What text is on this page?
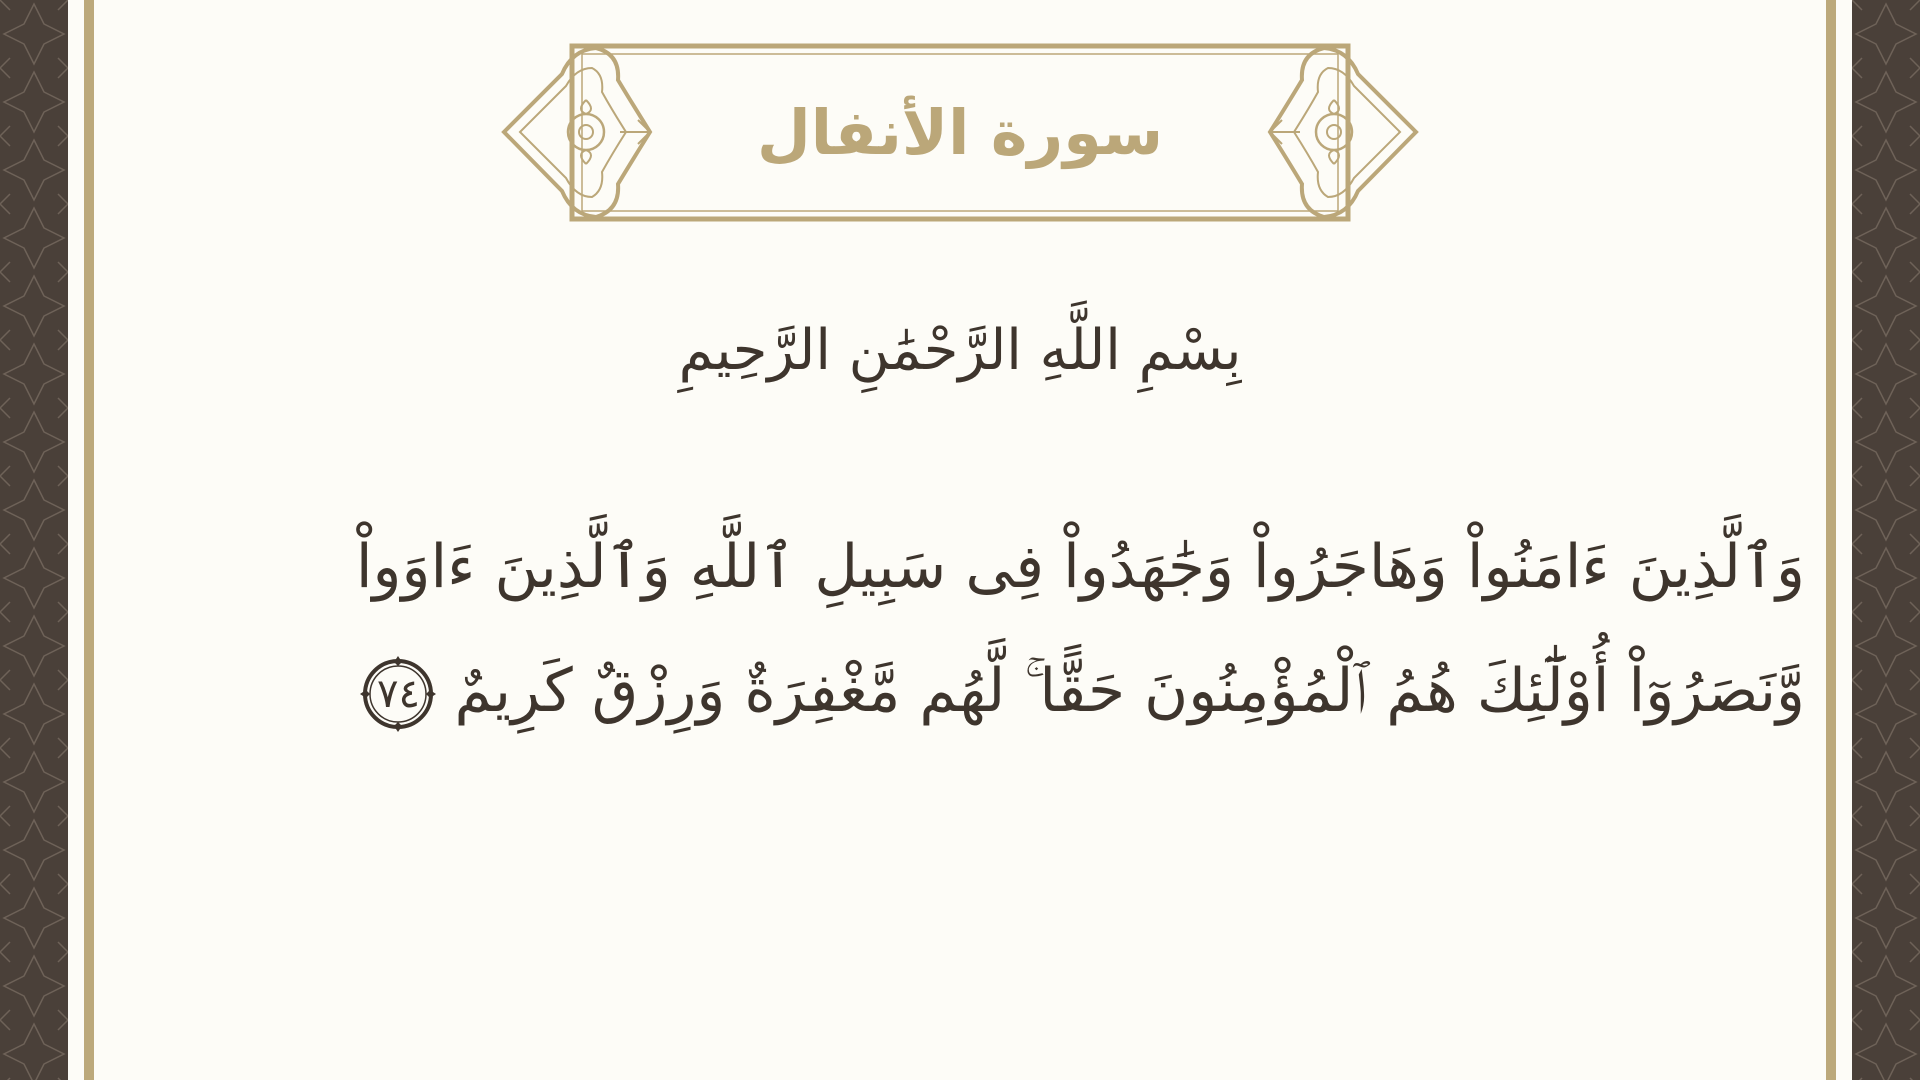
سورة الأنفال
بِسْمِ اللَّهِ الرَّحْمَٰنِ الرَّحِيمِ
وَٱلَّذِينَ ءَامَنُواْ وَهَاجَرُواْ وَجَٰهَدُواْ فِى سَبِيلِ ٱللَّهِ وَٱلَّذِينَ ءَاوَواْ
وَّنَصَرُوٓاْ أُوْلَٰٓئِكَ هُمُ ٱلْمُؤْمِنُونَ حَقًّا ۚ لَّهُم مَّغْفِرَةٌ وَرِزْقٌ كَرِيمٌ
٧٤
